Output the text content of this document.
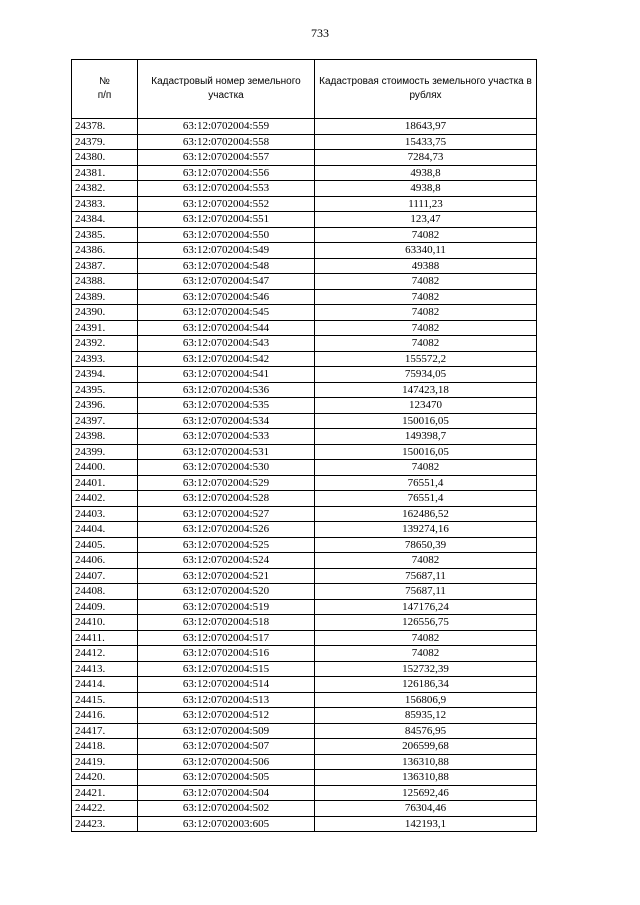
733
№
п/п	Кадастровый номер земельного участка	Кадастровая стоимость земельного участка в рублях
24378.	63:12:0702004:559	18643,97
24379.	63:12:0702004:558	15433,75
24380.	63:12:0702004:557	7284,73
24381.	63:12:0702004:556	4938,8
24382.	63:12:0702004:553	4938,8
24383.	63:12:0702004:552	1111,23
24384.	63:12:0702004:551	123,47
24385.	63:12:0702004:550	74082
24386.	63:12:0702004:549	63340,11
24387.	63:12:0702004:548	49388
24388.	63:12:0702004:547	74082
24389.	63:12:0702004:546	74082
24390.	63:12:0702004:545	74082
24391.	63:12:0702004:544	74082
24392.	63:12:0702004:543	74082
24393.	63:12:0702004:542	155572,2
24394.	63:12:0702004:541	75934,05
24395.	63:12:0702004:536	147423,18
24396.	63:12:0702004:535	123470
24397.	63:12:0702004:534	150016,05
24398.	63:12:0702004:533	149398,7
24399.	63:12:0702004:531	150016,05
24400.	63:12:0702004:530	74082
24401.	63:12:0702004:529	76551,4
24402.	63:12:0702004:528	76551,4
24403.	63:12:0702004:527	162486,52
24404.	63:12:0702004:526	139274,16
24405.	63:12:0702004:525	78650,39
24406.	63:12:0702004:524	74082
24407.	63:12:0702004:521	75687,11
24408.	63:12:0702004:520	75687,11
24409.	63:12:0702004:519	147176,24
24410.	63:12:0702004:518	126556,75
24411.	63:12:0702004:517	74082
24412.	63:12:0702004:516	74082
24413.	63:12:0702004:515	152732,39
24414.	63:12:0702004:514	126186,34
24415.	63:12:0702004:513	156806,9
24416.	63:12:0702004:512	85935,12
24417.	63:12:0702004:509	84576,95
24418.	63:12:0702004:507	206599,68
24419.	63:12:0702004:506	136310,88
24420.	63:12:0702004:505	136310,88
24421.	63:12:0702004:504	125692,46
24422.	63:12:0702004:502	76304,46
24423.	63:12:0702003:605	142193,1
